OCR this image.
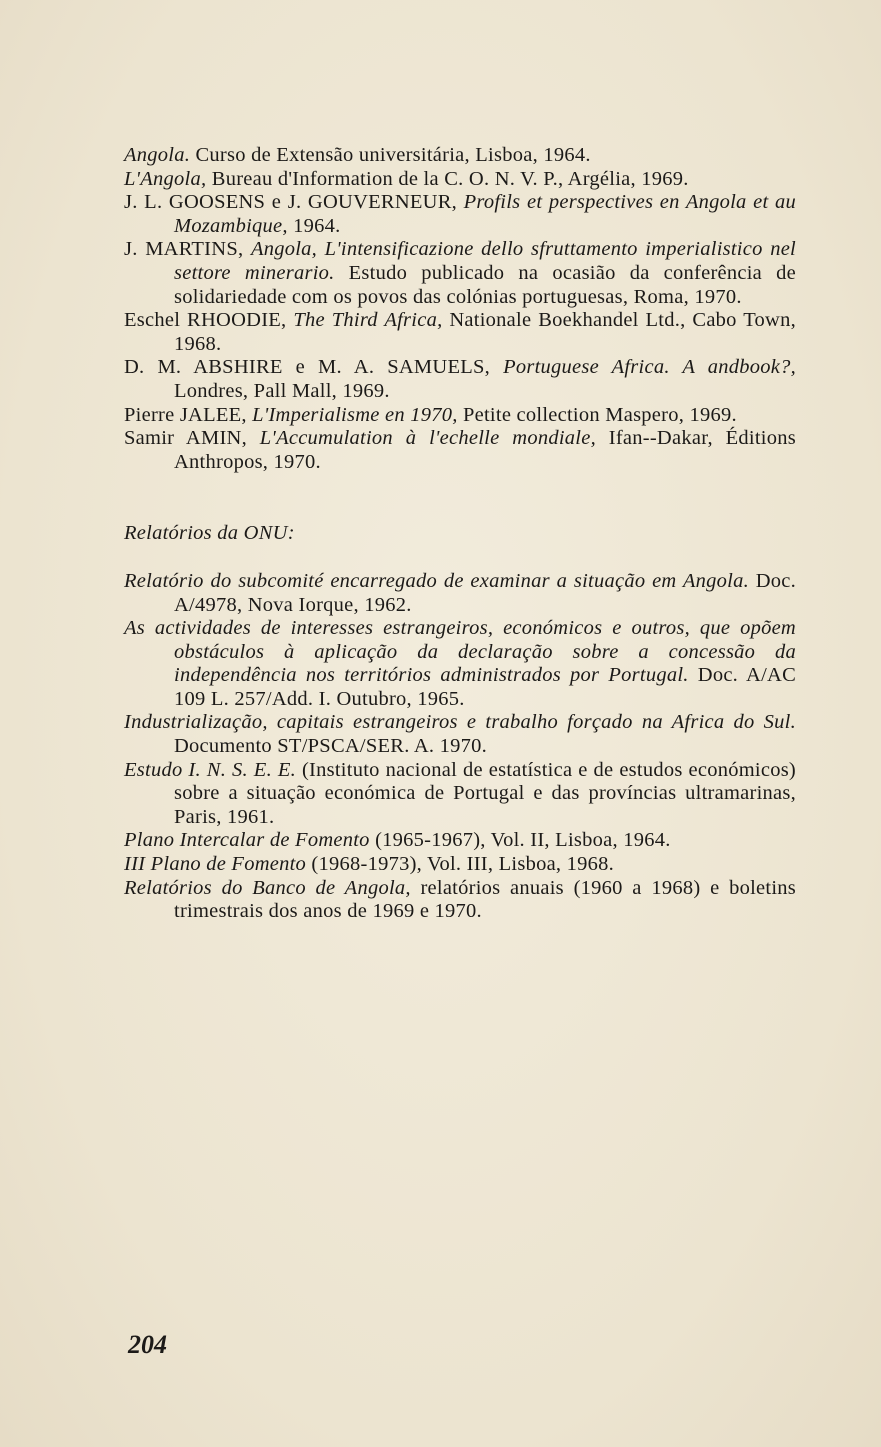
Angola. Curso de Extensão universitária, Lisboa, 1964.

L'Angola, Bureau d'Information de la C. O. N. V. P., Argélia, 1969.

J. L. GOOSENS e J. GOUVERNEUR, Profils et perspectives en Angola et au Mozambique, 1964.

J. MARTINS, Angola, L'intensificazione dello sfruttamento imperialistico nel settore minerario. Estudo publicado na ocasião da conferência de solidariedade com os povos das colónias portuguesas, Roma, 1970.

Eschel RHOODIE, The Third Africa, Nationale Boekhandel Ltd., Cabo Town, 1968.

D. M. ABSHIRE e M. A. SAMUELS, Portuguese Africa. A andbook?, Londres, Pall Mall, 1969.

Pierre JALEE, L'Imperialisme en 1970, Petite collection Maspero, 1969.

Samir AMIN, L'Accumulation à l'echelle mondiale, Ifan--Dakar, Éditions Anthropos, 1970.

Relatórios da ONU:

Relatório do subcomité encarregado de examinar a situação em Angola. Doc. A/4978, Nova Iorque, 1962.

As actividades de interesses estrangeiros, económicos e outros, que opõem obstáculos à aplicação da declaração sobre a concessão da independência nos territórios administrados por Portugal. Doc. A/AC 109 L. 257/Add. I. Outubro, 1965.

Industrialização, capitais estrangeiros e trabalho forçado na Africa do Sul. Documento ST/PSCA/SER. A. 1970.

Estudo I. N. S. E. E. (Instituto nacional de estatística e de estudos económicos) sobre a situação económica de Portugal e das províncias ultramarinas, Paris, 1961.

Plano Intercalar de Fomento (1965-1967), Vol. II, Lisboa, 1964.

III Plano de Fomento (1968-1973), Vol. III, Lisboa, 1968.

Relatórios do Banco de Angola, relatórios anuais (1960 a 1968) e boletins trimestrais dos anos de 1969 e 1970.

204
